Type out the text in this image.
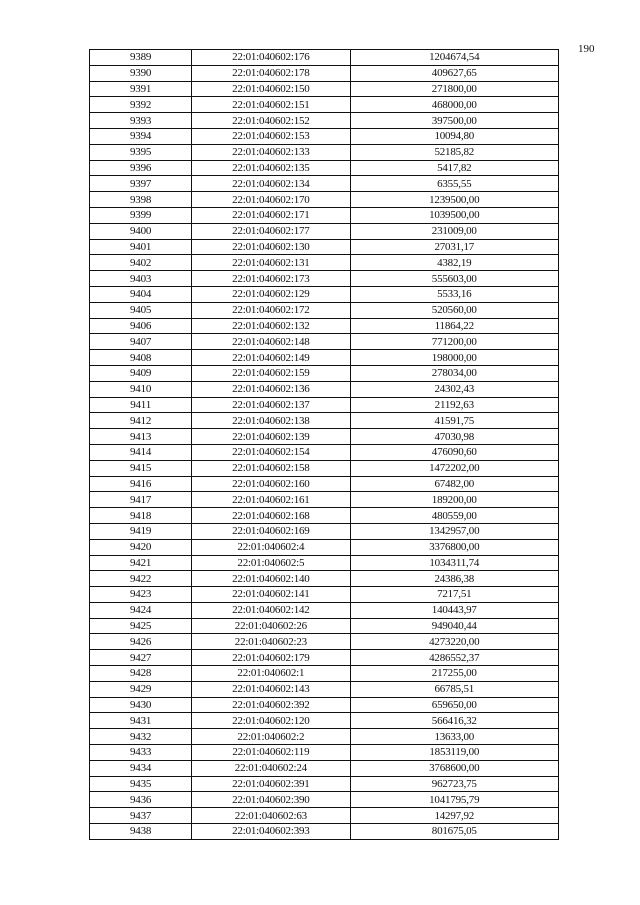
190
9389	22:01:040602:176	1204674,54
9390	22:01:040602:178	409627,65
9391	22:01:040602:150	271800,00
9392	22:01:040602:151	468000,00
9393	22:01:040602:152	397500,00
9394	22:01:040602:153	10094,80
9395	22:01:040602:133	52185,82
9396	22:01:040602:135	5417,82
9397	22:01:040602:134	6355,55
9398	22:01:040602:170	1239500,00
9399	22:01:040602:171	1039500,00
9400	22:01:040602:177	231009,00
9401	22:01:040602:130	27031,17
9402	22:01:040602:131	4382,19
9403	22:01:040602:173	555603,00
9404	22:01:040602:129	5533,16
9405	22:01:040602:172	520560,00
9406	22:01:040602:132	11864,22
9407	22:01:040602:148	771200,00
9408	22:01:040602:149	198000,00
9409	22:01:040602:159	278034,00
9410	22:01:040602:136	24302,43
9411	22:01:040602:137	21192,63
9412	22:01:040602:138	41591,75
9413	22:01:040602:139	47030,98
9414	22:01:040602:154	476090,60
9415	22:01:040602:158	1472202,00
9416	22:01:040602:160	67482,00
9417	22:01:040602:161	189200,00
9418	22:01:040602:168	480559,00
9419	22:01:040602:169	1342957,00
9420	22:01:040602:4	3376800,00
9421	22:01:040602:5	1034311,74
9422	22:01:040602:140	24386,38
9423	22:01:040602:141	7217,51
9424	22:01:040602:142	140443,97
9425	22:01:040602:26	949040,44
9426	22:01:040602:23	4273220,00
9427	22:01:040602:179	4286552,37
9428	22:01:040602:1	217255,00
9429	22:01:040602:143	66785,51
9430	22:01:040602:392	659650,00
9431	22:01:040602:120	566416,32
9432	22:01:040602:2	13633,00
9433	22:01:040602:119	1853119,00
9434	22:01:040602:24	3768600,00
9435	22:01:040602:391	962723,75
9436	22:01:040602:390	1041795,79
9437	22:01:040602:63	14297,92
9438	22:01:040602:393	801675,05
